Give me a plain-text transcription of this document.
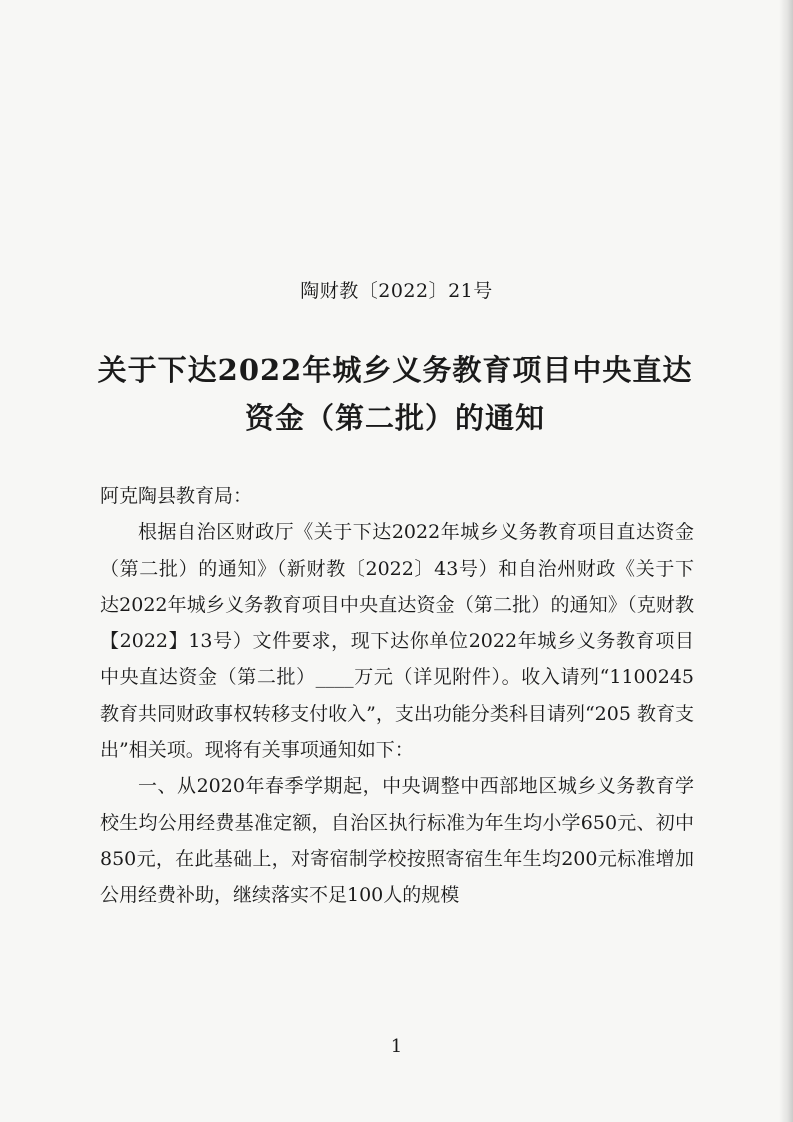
陶财教〔2022〕21号
关于下达2022年城乡义务教育项目中央直达
资金（第二批）的通知

阿克陶县教育局：

根据自治区财政厅《关于下达2022年城乡义务教育项目直达资金（第二批）的通知》（新财教〔2022〕43号）和自治州财政《关于下达2022年城乡义务教育项目中央直达资金（第二批）的通知》（克财教【2022】13号）文件要求，现下达你单位2022年城乡义务教育项目中央直达资金（第二批）____万元（详见附件）。收入请列“1100245 教育共同财政事权转移支付收入”，支出功能分类科目请列“205 教育支出”相关项。现将有关事项通知如下：

一、从2020年春季学期起，中央调整中西部地区城乡义务教育学校生均公用经费基准定额，自治区执行标准为年生均小学650元、初中850元，在此基础上，对寄宿制学校按照寄宿生年生均200元标准增加公用经费补助，继续落实不足100人的规模

1
